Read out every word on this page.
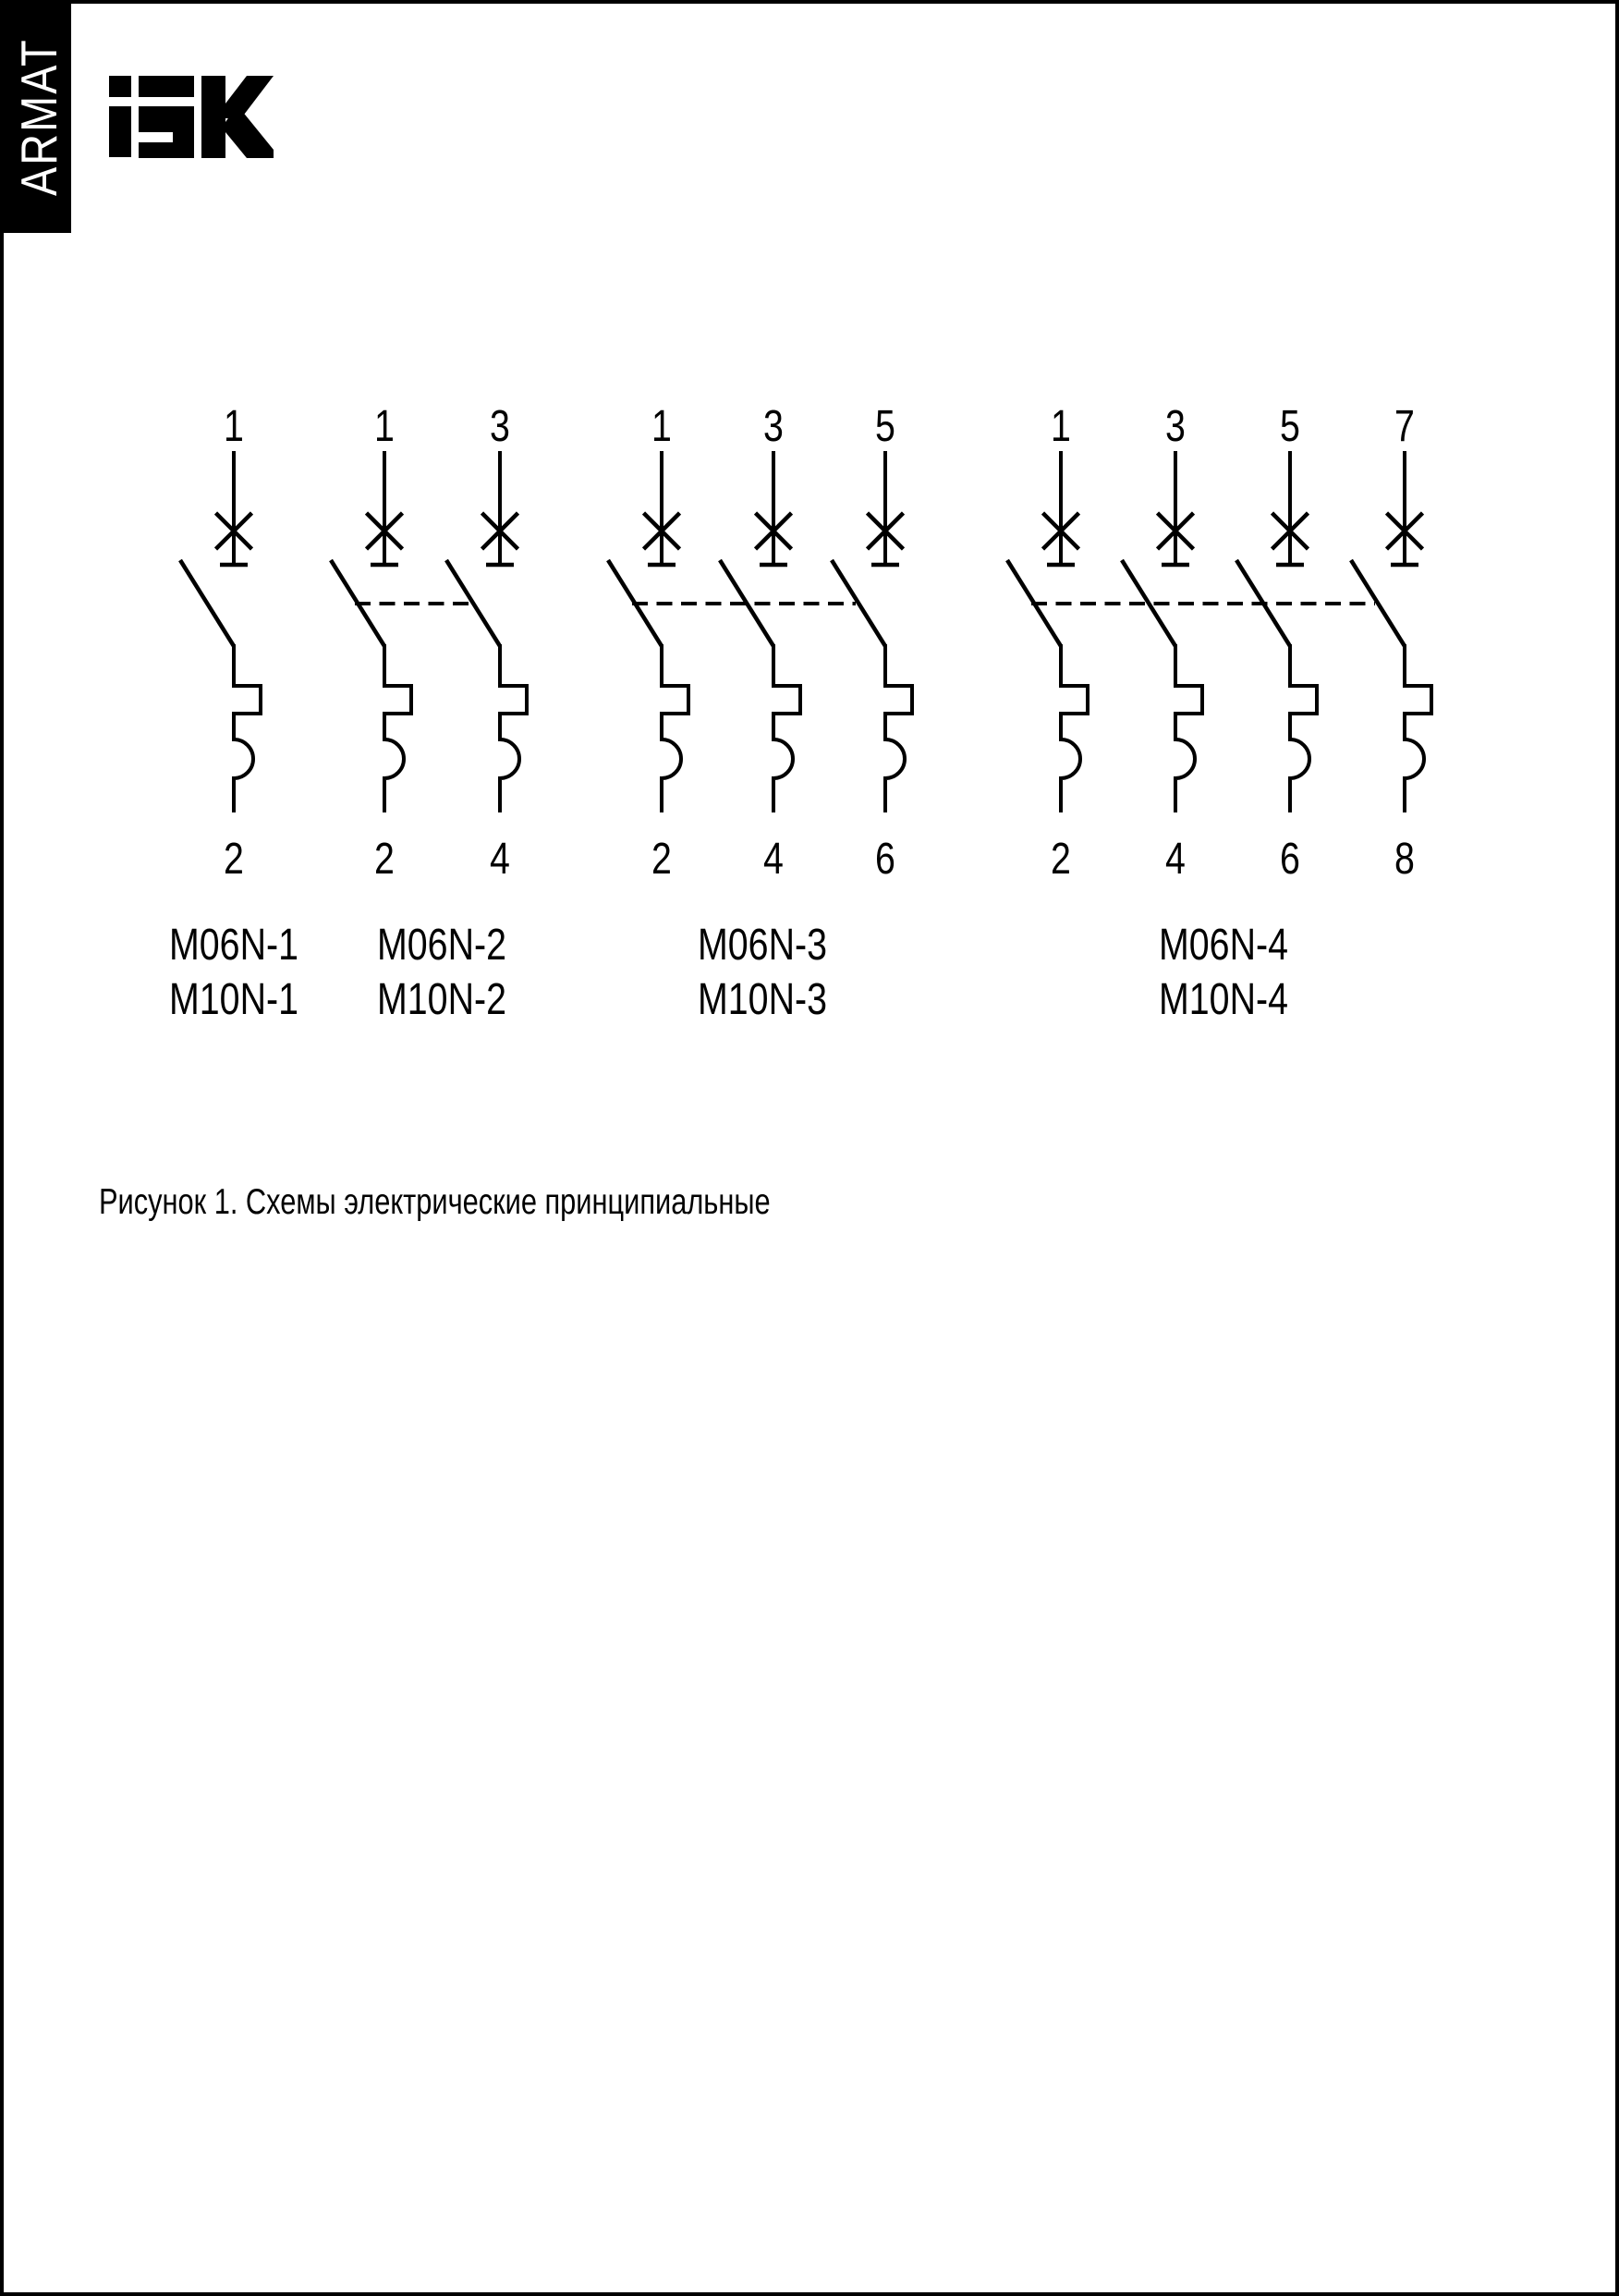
ARMAT
1
2
M06N-1
M10N-1
1 3
2 4
M06N-2
M10N-2
1 3 5
2 4 6
M06N-3
M10N-3
1 3 5 7
2 4 6 8
M06N-4
M10N-4
Рисунок 1. Схемы электрические принципиальные
